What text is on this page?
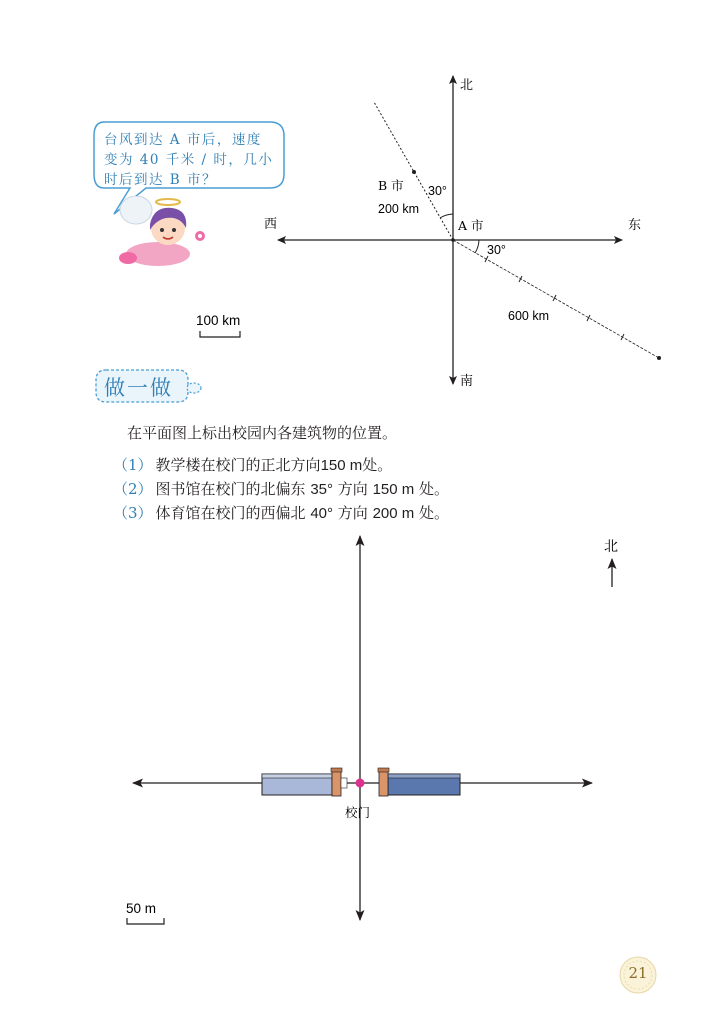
台风到达 A 市后，速度
变为 40 千米 / 时，几小
时后到达 B 市？
北
南
东
西	A 市
B 市 30°
30°
200 km
600 km
100 km
做一做
在平面图上标出校园内各建筑物的位置。
（1） 教学楼在校门的正北方向150 m处。
（2） 图书馆在校门的北偏东 35° 方向 150 m 处。
（3） 体育馆在校门的西偏北 40° 方向 200 m 处。
校门
北
50 m
21
